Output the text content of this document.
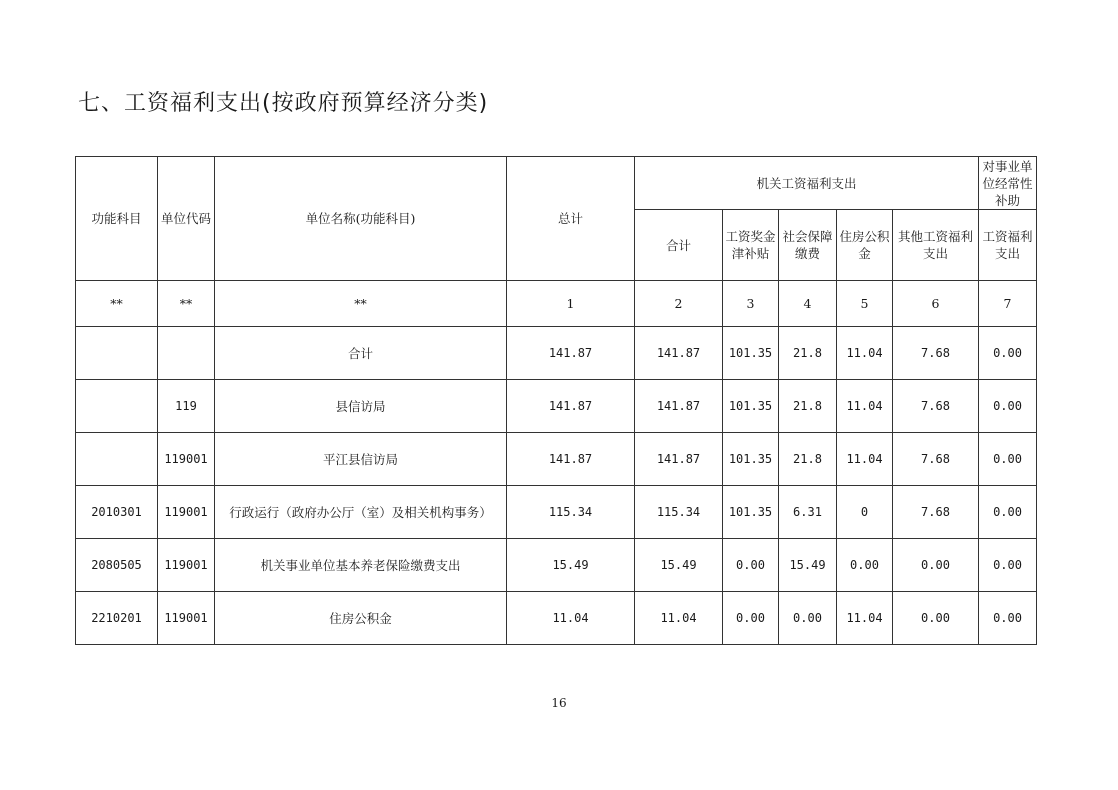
七、工资福利支出(按政府预算经济分类)
功能科目	单位代码	单位名称(功能科目)	总计	机关工资福利支出					对事业单位经常性补助
				合计	工资奖金津补贴	社会保障缴费	住房公积金	其他工资福利支出	工资福利支出
**	**	**	1	2	3	4	5	6	7
		合计	141.87	141.87	101.35	21.8	11.04	7.68	0.00
	119	县信访局	141.87	141.87	101.35	21.8	11.04	7.68	0.00
	119001	平江县信访局	141.87	141.87	101.35	21.8	11.04	7.68	0.00
2010301	119001	行政运行（政府办公厅（室）及相关机构事务）	115.34	115.34	101.35	6.31	0	7.68	0.00
2080505	119001	机关事业单位基本养老保险缴费支出	15.49	15.49	0.00	15.49	0.00	0.00	0.00
2210201	119001	住房公积金	11.04	11.04	0.00	0.00	11.04	0.00	0.00
16
